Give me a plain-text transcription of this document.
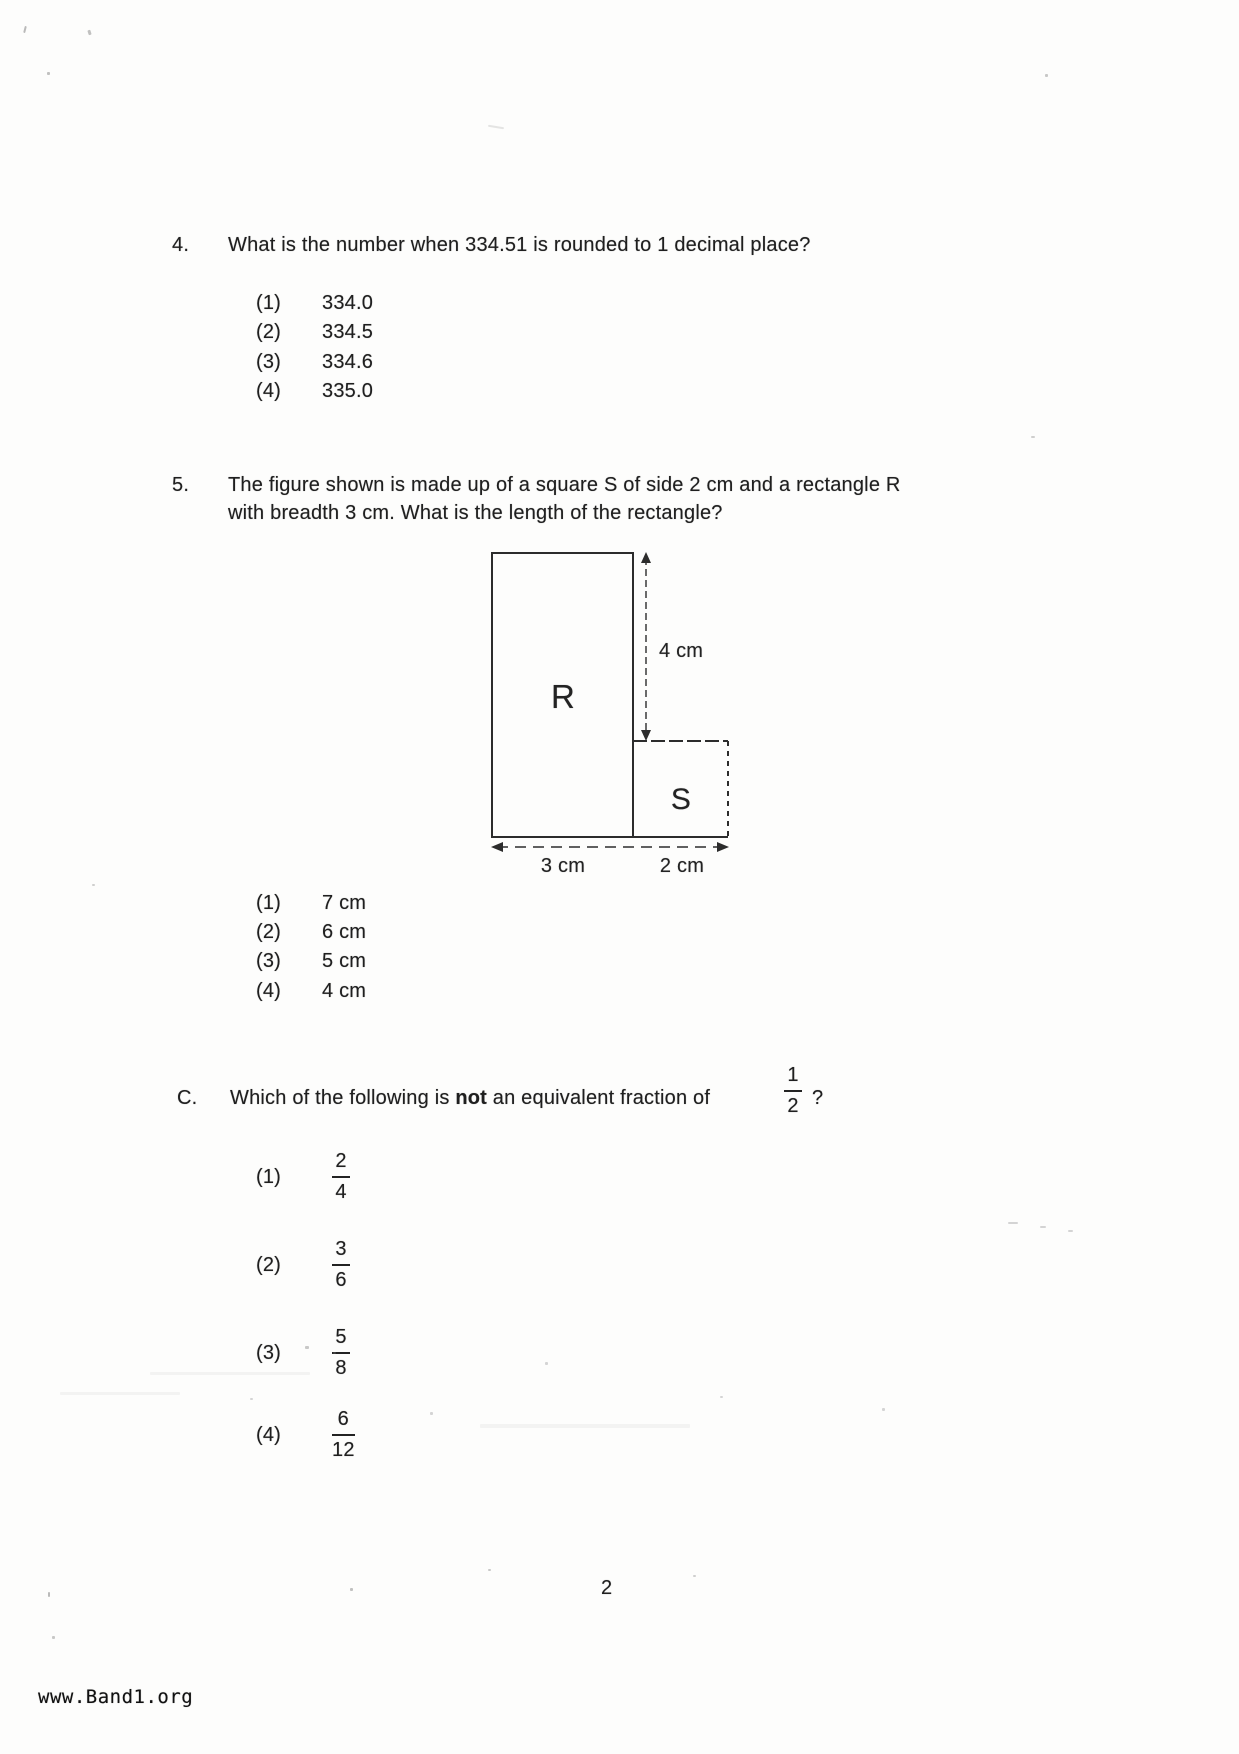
4. What is the number when 334.51 is rounded to 1 decimal place?
(1) 334.0
(2) 334.5
(3) 334.6
(4) 335.0
5. The figure shown is made up of a square S of side 2 cm and a rectangle R
with breadth 3 cm. What is the length of the rectangle?
R
S
4 cm
3 cm	2 cm
(1) 7 cm
(2) 6 cm
(3) 5 cm
(4) 4 cm
C. Which of the following is not an equivalent fraction of
1
2 ?
(1)	$\frac{2}{4}$
(2)	$\frac{3}{6}$
(3)	$\frac{5}{8}$
(4)	$\frac{6}{12}$
2
www.Band1.org
